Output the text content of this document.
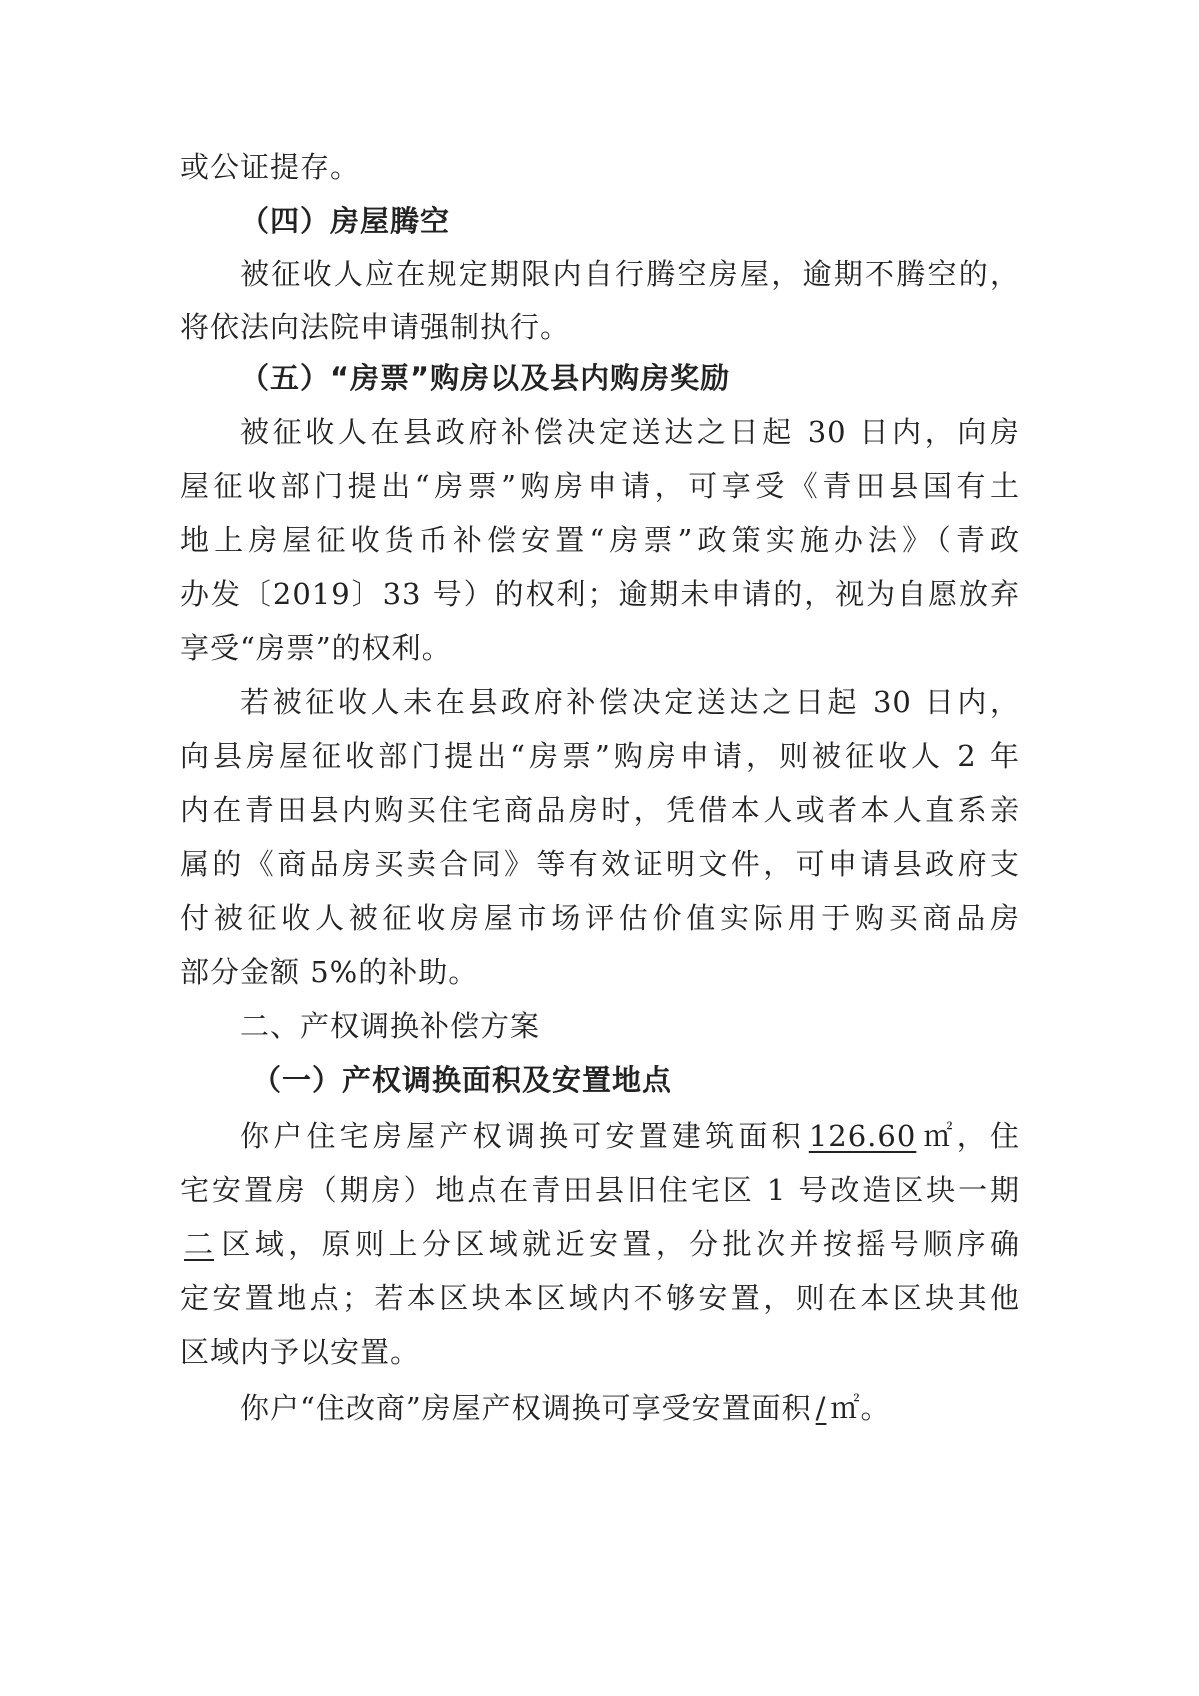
或公证提存。
（四）房屋腾空
被征收人应在规定期限内自行腾空房屋，逾期不腾空的，
将依法向法院申请强制执行。
（五）“房票”购房以及县内购房奖励
被征收人在县政府补偿决定送达之日起 30 日内，向房
屋征收部门提出“房票”购房申请，可享受《青田县国有土
地上房屋征收货币补偿安置“房票”政策实施办法》（青政
办发〔2019〕33 号）的权利；逾期未申请的，视为自愿放弃
享受“房票”的权利。
若被征收人未在县政府补偿决定送达之日起 30 日内，
向县房屋征收部门提出“房票”购房申请，则被征收人 2 年
内在青田县内购买住宅商品房时，凭借本人或者本人直系亲
属的《商品房买卖合同》等有效证明文件，可申请县政府支
付被征收人被征收房屋市场评估价值实际用于购买商品房
部分金额 5%的补助。
二、产权调换补偿方案
（一）产权调换面积及安置地点
你户住宅房屋产权调换可安置建筑面积 126.60 ㎡，住
宅安置房（期房）地点在青田县旧住宅区 1 号改造区块一期
二 区域，原则上分区域就近安置，分批次并按摇号顺序确
定安置地点；若本区块本区域内不够安置，则在本区块其他
区域内予以安置。
你户“住改商”房屋产权调换可享受安置面积 / ㎡。
